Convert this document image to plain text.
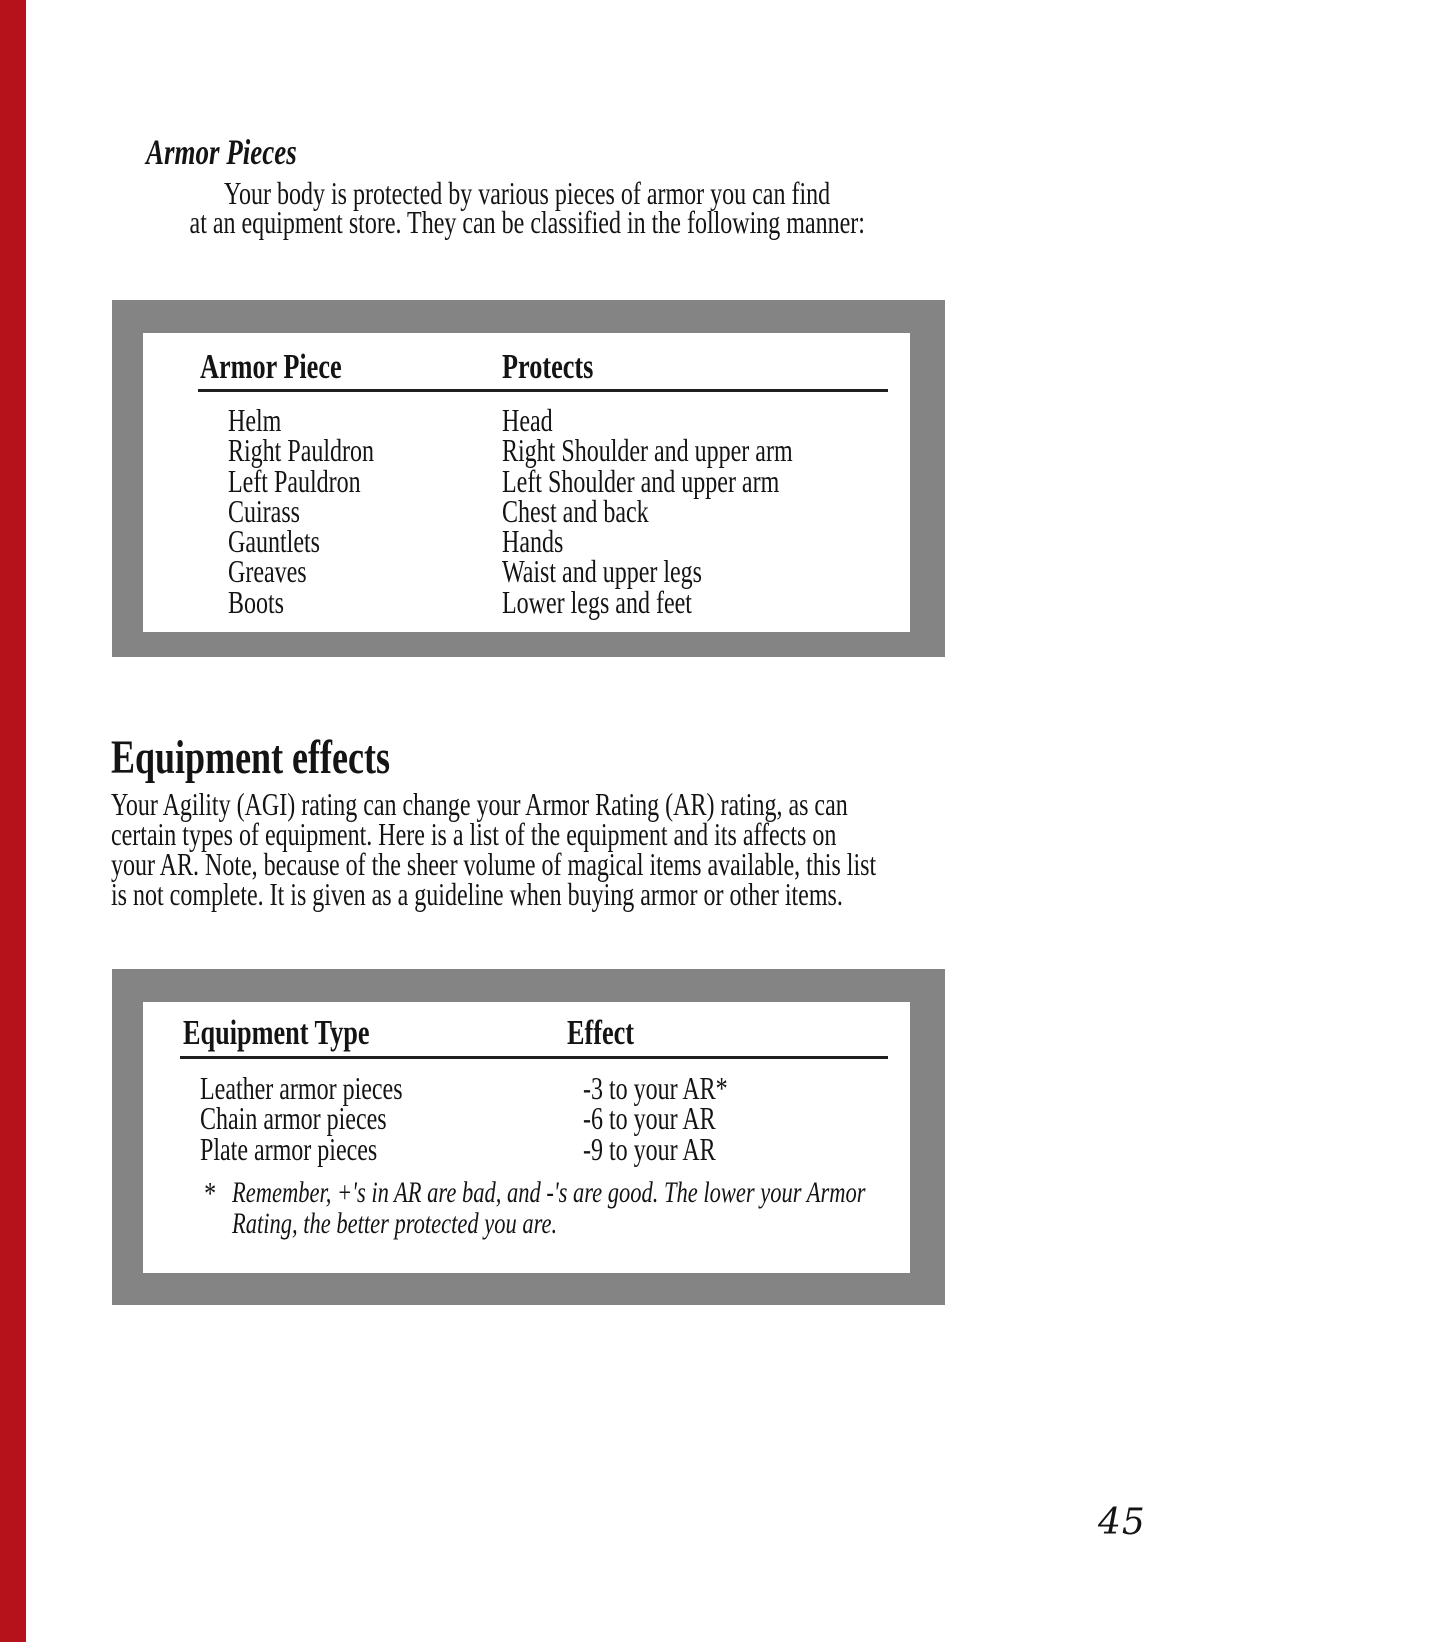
Armor Pieces
Your body is protected by various pieces of armor you can find
at an equipment store. They can be classified in the following manner:
Armor Piece	Protects
Helm
Right Pauldron
Left Pauldron
Cuirass
Gauntlets
Greaves
Boots
Head
Right Shoulder and upper arm
Left Shoulder and upper arm
Chest and back
Hands
Waist and upper legs
Lower legs and feet
Equipment effects
Your Agility (AGI) rating can change your Armor Rating (AR) rating, as can
certain types of equipment. Here is a list of the equipment and its affects on
your AR. Note, because of the sheer volume of magical items available, this list
is not complete. It is given as a guideline when buying armor or other items.
Equipment Type	Effect
Leather armor pieces
Chain armor pieces
Plate armor pieces
-3 to your AR*
-6 to your AR
-9 to your AR
* Remember, +'s in AR are bad, and -'s are good. The lower your Armor
Rating, the better protected you are.
45
